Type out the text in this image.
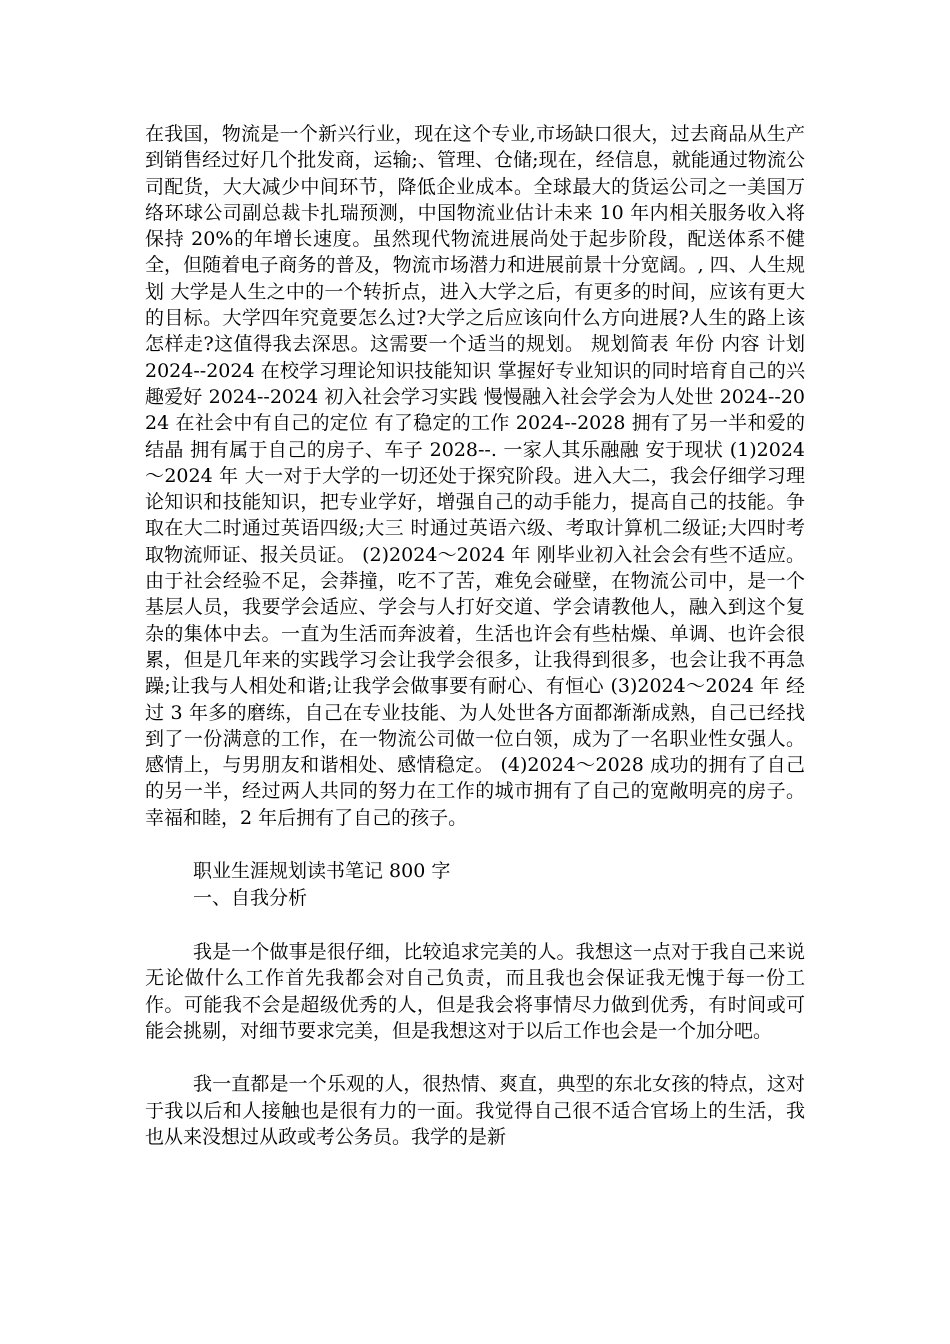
在我国，物流是一个新兴行业，现在这个专业,市场缺口很大，过去商品从生产到销售经过好几个批发商，运输;、管理、仓储;现在，经信息，就能通过物流公司配货，大大减少中间环节，降低企业成本。全球最大的货运公司之一美国万络环球公司副总裁卡扎瑞预测，中国物流业估计未来 10 年内相关服务收入将保持 20%的年增长速度。虽然现代物流进展尚处于起步阶段，配送体系不健全，但随着电子商务的普及，物流市场潜力和进展前景十分宽阔。, 四、人生规划 大学是人生之中的一个转折点，进入大学之后，有更多的时间，应该有更大的目标。大学四年究竟要怎么过?大学之后应该向什么方向进展?人生的路上该怎样走?这值得我去深思。这需要一个适当的规划。 规划简表 年份 内容 计划 2024--2024 在校学习理论知识技能知识 掌握好专业知识的同时培育自己的兴趣爱好 2024--2024 初入社会学习实践 慢慢融入社会学会为人处世 2024--2024 在社会中有自己的定位 有了稳定的工作 2024--2028 拥有了另一半和爱的结晶 拥有属于自己的房子、车子 2028--. 一家人其乐融融 安于现状 (1)2024～2024 年 大一对于大学的一切还处于探究阶段。进入大二，我会仔细学习理论知识和技能知识，把专业学好，增强自己的动手能力，提高自己的技能。争取在大二时通过英语四级;大三 时通过英语六级、考取计算机二级证;大四时考取物流师证、报关员证。 (2)2024～2024 年 刚毕业初入社会会有些不适应。由于社会经验不足，会莽撞，吃不了苦，难免会碰壁，在物流公司中，是一个基层人员，我要学会适应、学会与人打好交道、学会请教他人，融入到这个复杂的集体中去。一直为生活而奔波着，生活也许会有些枯燥、单调、也许会很累，但是几年来的实践学习会让我学会很多，让我得到很多，也会让我不再急躁;让我与人相处和谐;让我学会做事要有耐心、有恒心 (3)2024～2024 年 经过 3 年多的磨练，自己在专业技能、为人处世各方面都渐渐成熟，自己已经找到了一份满意的工作，在一物流公司做一位白领，成为了一名职业性女强人。感情上，与男朋友和谐相处、感情稳定。 (4)2024～2028 成功的拥有了自己的另一半，经过两人共同的努力在工作的城市拥有了自己的宽敞明亮的房子。幸福和睦，2 年后拥有了自己的孩子。

职业生涯规划读书笔记 800 字

一、自我分析

我是一个做事是很仔细，比较追求完美的人。我想这一点对于我自己来说无论做什么工作首先我都会对自己负责，而且我也会保证我无愧于每一份工作。可能我不会是超级优秀的人，但是我会将事情尽力做到优秀，有时间或可能会挑剔，对细节要求完美，但是我想这对于以后工作也会是一个加分吧。

我一直都是一个乐观的人，很热情、爽直，典型的东北女孩的特点，这对于我以后和人接触也是很有力的一面。我觉得自己很不适合官场上的生活，我也从来没想过从政或考公务员。我学的是新
